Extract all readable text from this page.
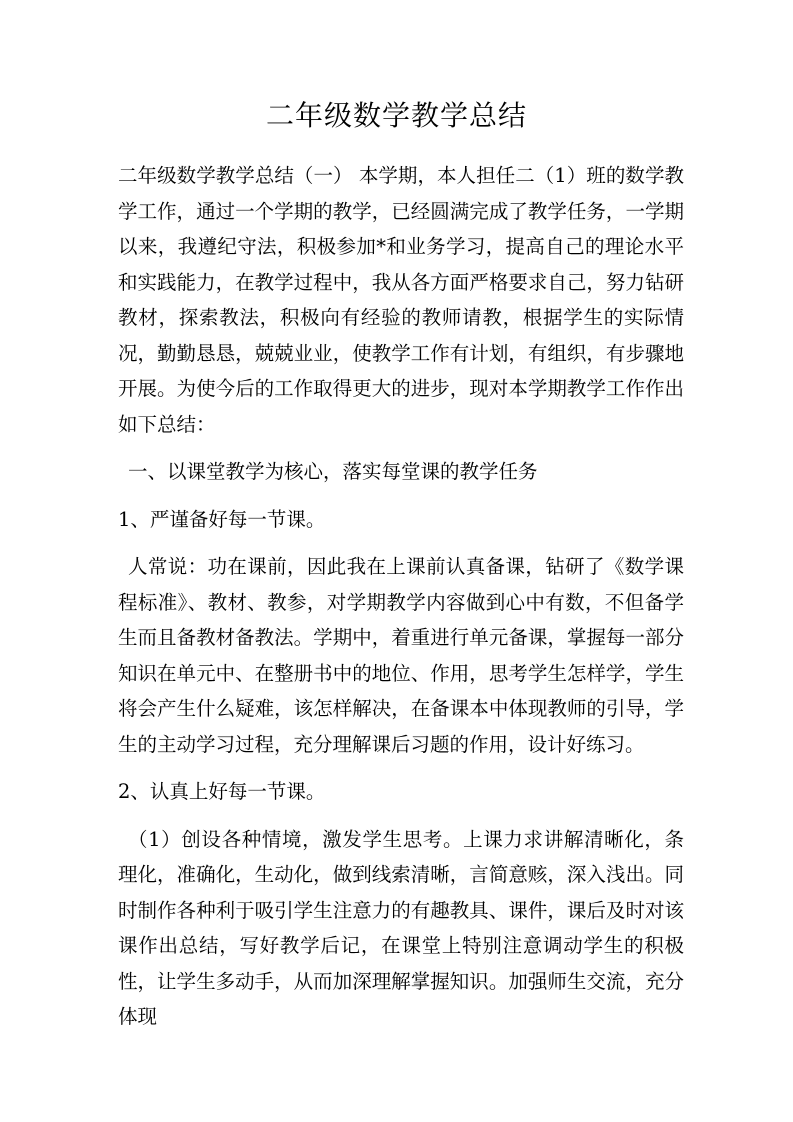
二年级数学教学总结

二年级数学教学总结（一） 本学期，本人担任二（1）班的数学教学工作，通过一个学期的教学，已经圆满完成了教学任务，一学期以来，我遵纪守法，积极参加*和业务学习，提高自己的理论水平和实践能力，在教学过程中，我从各方面严格要求自己，努力钻研教材，探索教法，积极向有经验的教师请教，根据学生的实际情况，勤勤恳恳，兢兢业业，使教学工作有计划，有组织，有步骤地开展。为使今后的工作取得更大的进步，现对本学期教学工作作出如下总结：

一、以课堂教学为核心，落实每堂课的教学任务

1、严谨备好每一节课。

人常说：功在课前，因此我在上课前认真备课，钻研了《数学课程标准》、教材、教参，对学期教学内容做到心中有数，不但备学生而且备教材备教法。学期中，着重进行单元备课，掌握每一部分知识在单元中、在整册书中的地位、作用，思考学生怎样学，学生将会产生什么疑难，该怎样解决，在备课本中体现教师的引导，学生的主动学习过程，充分理解课后习题的作用，设计好练习。

2、认真上好每一节课。

（1）创设各种情境，激发学生思考。上课力求讲解清晰化，条理化，准确化，生动化，做到线索清晰，言简意赅，深入浅出。同时制作各种利于吸引学生注意力的有趣教具、课件，课后及时对该课作出总结，写好教学后记，在课堂上特别注意调动学生的积极性，让学生多动手，从而加深理解掌握知识。加强师生交流，充分体现
